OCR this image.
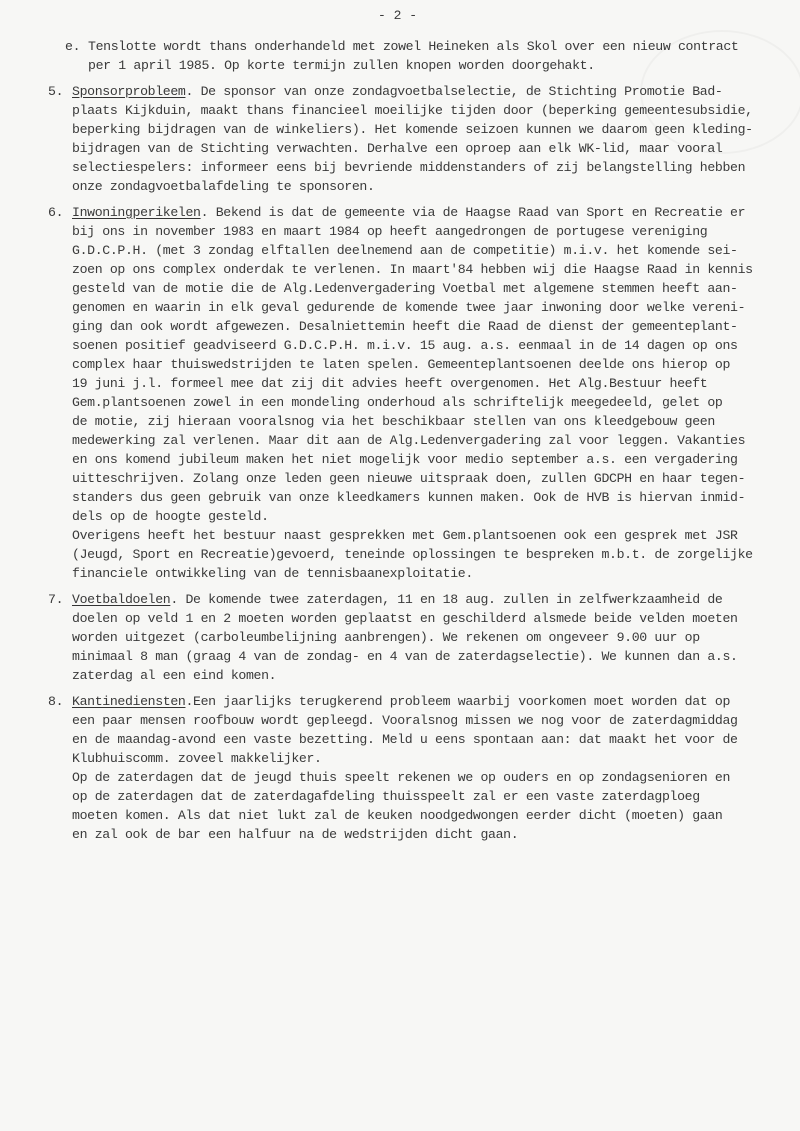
- 2 -
e. Tenslotte wordt thans onderhandeld met zowel Heineken als Skol over een nieuw contract
per 1 april 1985. Op korte termijn zullen knopen worden doorgehakt.
5. Sponsorprobleem. De sponsor van onze zondagvoetbalselectie, de Stichting Promotie Bad-
plaats Kijkduin, maakt thans financieel moeilijke tijden door (beperking gemeentesubsidie,
beperking bijdragen van de winkeliers). Het komende seizoen kunnen we daarom geen kleding-
bijdragen van de Stichting verwachten. Derhalve een oproep aan elk WK-lid, maar vooral
selectiespelers: informeer eens bij bevriende middenstanders of zij belangstelling hebben
onze zondagvoetbalafdeling te sponsoren.
6. Inwoningperikelen. Bekend is dat de gemeente via de Haagse Raad van Sport en Recreatie er
bij ons in november 1983 en maart 1984 op heeft aangedrongen de portugese vereniging
G.D.C.P.H. (met 3 zondag elftallen deelnemend aan de competitie) m.i.v. het komende sei-
zoen op ons complex onderdak te verlenen. In maart'84 hebben wij die Haagse Raad in kennis
gesteld van de motie die de Alg.Ledenvergadering Voetbal met algemene stemmen heeft aan-
genomen en waarin in elk geval gedurende de komende twee jaar inwoning door welke vereni-
ging dan ook wordt afgewezen. Desalniettemin heeft die Raad de dienst der gemeenteplant-
soenen positief geadviseerd G.D.C.P.H. m.i.v. 15 aug. a.s. eenmaal in de 14 dagen op ons
complex haar thuiswedstrijden te laten spelen. Gemeenteplantsoenen deelde ons hierop op
19 juni j.l. formeel mee dat zij dit advies heeft overgenomen. Het Alg.Bestuur heeft
Gem.plantsoenen zowel in een mondeling onderhoud als schriftelijk meegedeeld, gelet op
de motie, zij hieraan vooralsnog via het beschikbaar stellen van ons kleedgebouw geen
medewerking zal verlenen. Maar dit aan de Alg.Ledenvergadering zal voor leggen. Vakanties
en ons komend jubileum maken het niet mogelijk voor medio september a.s. een vergadering
uitteschrijven. Zolang onze leden geen nieuwe uitspraak doen, zullen GDCPH en haar tegen-
standers dus geen gebruik van onze kleedkamers kunnen maken. Ook de HVB is hiervan inmid-
dels op de hoogte gesteld.
Overigens heeft het bestuur naast gesprekken met Gem.plantsoenen ook een gesprek met JSR
(Jeugd, Sport en Recreatie)gevoerd, teneinde oplossingen te bespreken m.b.t. de zorgelijke
financiele ontwikkeling van de tennisbaanexploitatie.
7. Voetbaldoelen. De komende twee zaterdagen, 11 en 18 aug. zullen in zelfwerkzaamheid de
doelen op veld 1 en 2 moeten worden geplaatst en geschilderd alsmede beide velden moeten
worden uitgezet (carboleumbelijning aanbrengen). We rekenen om ongeveer 9.00 uur op
minimaal 8 man (graag 4 van de zondag- en 4 van de zaterdagselectie). We kunnen dan a.s.
zaterdag al een eind komen.
8. Kantinediensten.Een jaarlijks terugkerend probleem waarbij voorkomen moet worden dat op
een paar mensen roofbouw wordt gepleegd. Vooralsnog missen we nog voor de zaterdagmiddag
en de maandag-avond een vaste bezetting. Meld u eens spontaan aan: dat maakt het voor de
Klubhuiscomm. zoveel makkelijker.
Op de zaterdagen dat de jeugd thuis speelt rekenen we op ouders en op zondagsenioren en
op de zaterdagen dat de zaterdagafdeling thuisspeelt zal er een vaste zaterdagploeg
moeten komen. Als dat niet lukt zal de keuken noodgedwongen eerder dicht (moeten) gaan
en zal ook de bar een halfuur na de wedstrijden dicht gaan.
